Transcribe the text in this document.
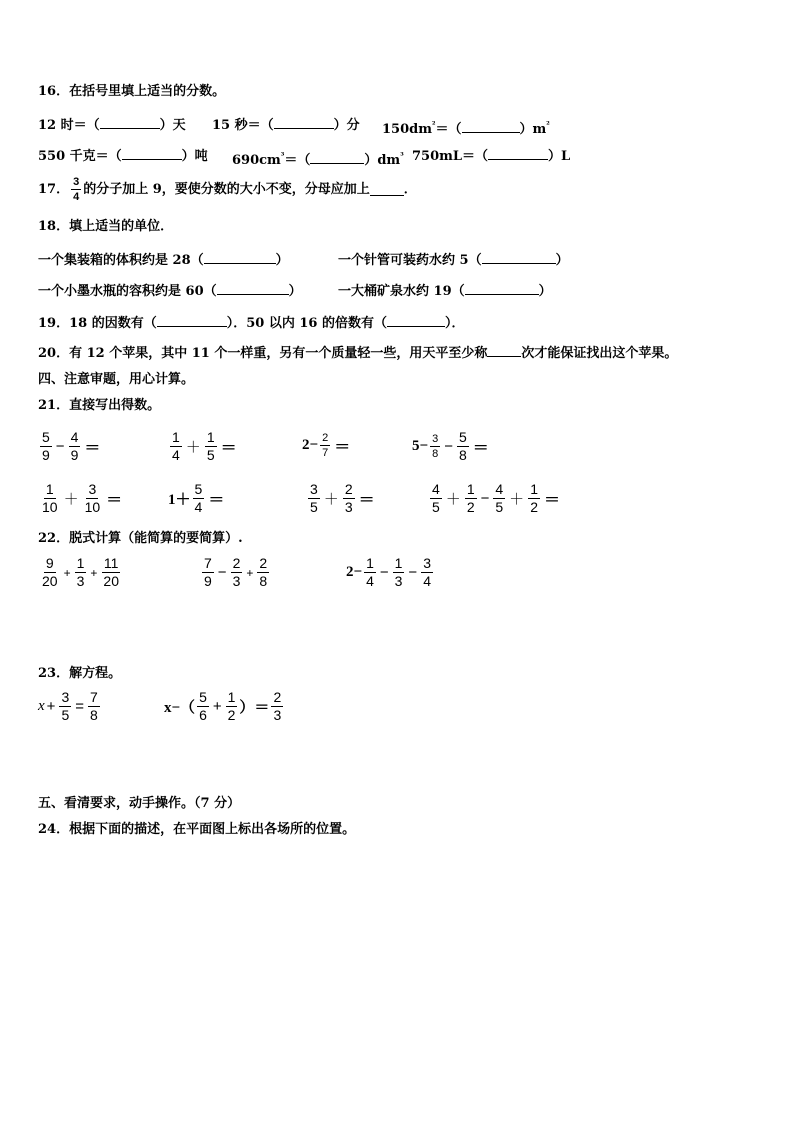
16．在括号里填上适当的分数。
12 时＝（	）天 15 秒＝（	）分 $150dm^{^2}=$（	）$m^{^2}$
550 千克＝（	）吨 $690cm^{^3}=$（	）$dm^{^3}$ 750mL＝（	）L
17． $\frac{3}{4}$ 的分子加上 9，要使分数的大小不变，分母应加上	．
18．填上适当的单位．
一个集装箱的体积约是 28（	）	一个针管可装药水约 5（	）
一个小墨水瓶的容积约是 60（	）	一大桶矿泉水约 19（	）
19．18 的因数有（	）．50 以内 16 的倍数有（	）．
20．有 12 个苹果，其中 11 个一样重，另有一个质量轻一些，用天平至少称	次才能保证找出这个苹果。
四、注意审题，用心计算。
21．直接写出得数。
$\frac{5}{9} - \frac{4}{9}$ ＝	$\frac{1}{4} + \frac{1}{5}$ ＝	$2- \frac{2}{7}$ ＝	$5- \frac{3}{8} - \frac{5}{8}$ ＝
$\frac{1}{10} + \frac{3}{10}$ ＝	$1+ \frac{5}{4}$ ＝	$\frac{3}{5} + \frac{2}{3}$ ＝	$\frac{4}{5} + \frac{1}{2} - \frac{4}{5} + \frac{1}{2}$ ＝
22．脱式计算（能简算的要简算）.
$\frac{9}{20} + \frac{1}{3} + \frac{11}{20}$	$\frac{7}{9} - \frac{2}{3} + \frac{2}{8}$	$2- \frac{1}{4} - \frac{1}{3} - \frac{3}{4}$
23．解方程。
$x + \frac{3}{5} = \frac{7}{8}$	$x-( \frac{5}{6} + \frac{1}{2}$ ）＝ $\frac{2}{3}$
五、看清要求，动手操作。（7 分）
24．根据下面的描述，在平面图上标出各场所的位置。
